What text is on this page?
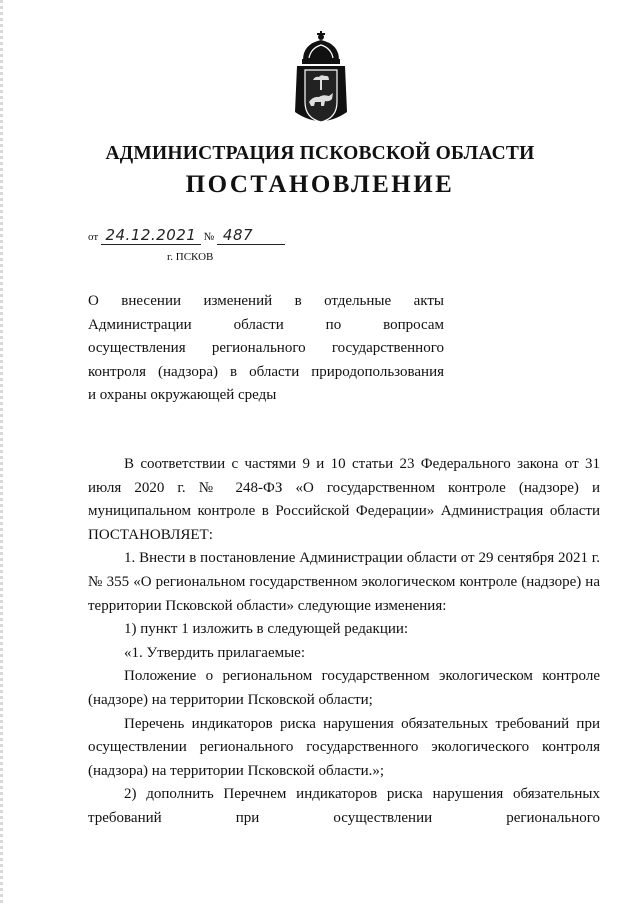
АДМИНИСТРАЦИЯ ПСКОВСКОЙ ОБЛАСТИ
ПОСТАНОВЛЕНИЕ
от 24.12.2021 № 487
г. ПСКОВ
О внесении изменений в отдельные акты
Администрации области по вопросам
осуществления регионального государственного
контроля (надзора) в области природопользования
и охраны окружающей среды

В соответствии с частями 9 и 10 статьи 23 Федерального закона от 31 июля 2020 г. № 248-ФЗ «О государственном контроле (надзоре) и муниципальном контроле в Российской Федерации» Администрация области ПОСТАНОВЛЯЕТ:

1. Внести в постановление Администрации области от 29 сентября 2021 г. № 355 «О региональном государственном экологическом контроле (надзоре) на территории Псковской области» следующие изменения:

1) пункт 1 изложить в следующей редакции:

«1. Утвердить прилагаемые:

Положение о региональном государственном экологическом контроле (надзоре) на территории Псковской области;

Перечень индикаторов риска нарушения обязательных требований при осуществлении регионального государственного экологического контроля (надзора) на территории Псковской области.»;

2) дополнить Перечнем индикаторов риска нарушения обязательных требований при осуществлении регионального
